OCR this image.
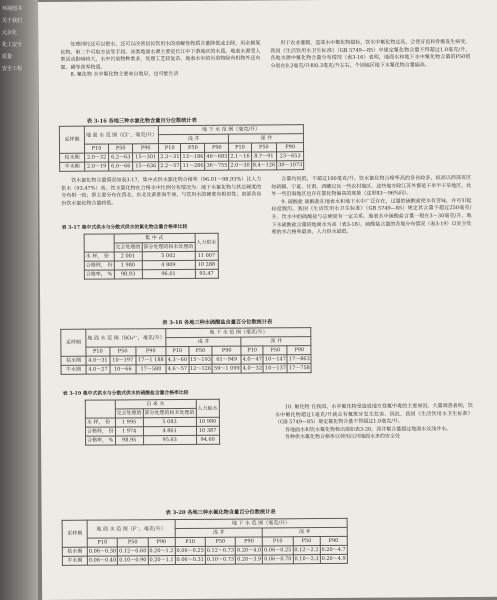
环境图书
关于我们
元杂化
化工安全
质量
安全工程

处理同时还可以把水、还可以改善居民饮用水的溶解性物质含量降低或去除，用金属氧化物、第二个可取方法等手段。该类地面水源主要是长江中下游地区的水质。地表水源受人类活动影响较大，水中污染物种类多，处理工艺较复杂。地表水中的污染物除有机物外还有氮、磷等营养物质。

8. 氟化物 水中氟化物主要来自地层，也可能生活

用于农业灌溉，造成水中氟化物超标，饮水中氟化物过高，会使牙齿和骨骼发生病变，我国《生活饮用水卫生标准》（GB 5749—85）中规定氟化物含量不得超过1.0毫克/升。各地水源中氟化物含量分布情况（表3-16）表明，地面水和地下水中氟化物含量的P50值分别在0.2毫克/升和0.3毫克/升左右，个别地区地下水氟化物含量偏高。

表 3-16 各地三种水氯化物含量百分位数统计表
采样期	地 面 水 范 围（Cl⁻，毫克/升）			地 下 水 范 围（毫克/升）					
				浅 井			深 井		
	P10	P50	P90	P10	P50	P90	P10	P50	P90
枯水期	2.0～32	6.2～63	15～301	2.3～31	13～186	46～683	2.1～16	8.7～91	23～653
丰水期	2.0～19	6.0～66	15～636	2.2～57	11～286	36～755	2.0～30	8.4～126	30～1073

饮水氯化物含量情况如表3-17，集中式供水氯化物合格率（96.01～98.93%）比人力供水（93.47%）高。饮水氯化物在合格水中比例分布情况为：地下水氯化物与其总硬度的分布相一致；即主要分布在西北、东北及黄淮海平原，与饮用水的硬度有相似性；南部各省份饮水氯化物含量较低。

表 3-17 集中式供水与分散式供水的氯化物含量合格率比较
	集 中 式		人力供水
	完全处理的	部分处理的和未处理的	
水 样， 份	2 001	5 002	11 007
合格样， 份	1 980	4 809	10 288
合格率， %	98.93	96.01	93.47

含量均很低，不超过100毫克/升。饮水氯化物合格率高的各省较多，较高以西部省区如新疆、宁夏、甘肃、西藏以及一些农村地区。这些地方除江苏外都是干旱半干旱地区，此外一些沿海地区也存在氯化物偏高的现象（这里83～96%间）。

9. 硫酸盐 硫酸盐在地表水和地下水中广泛存在，过量的硫酸盐使水有苦味，并可引起轻度腹泻。我国《生活饮用水卫生标准》（GB 5749—85）规定其含量不超过250毫克/升。饮水中的硫酸盐与总硬度有一定关系。地表水中硫酸盐含量一般在3～30毫克/升，地下水硫酸盐含量较地面水为高（表3-18）。硫酸盐含量的各地分布情况（表3-19）以安全处理的水合格率最高，人力供水最低。

表 3-18 各地三种水硫酸盐含量百分位数统计表
采样期	地 面 水 范 围（SO₄²⁻，毫克/升）			地 下 水 范 围（毫克/升）					
				浅 井			深 井		
	P10	P50	P90	P10	P50	P90	P10	P50	P90
枯水期	4.0～31	10～197	17～1 188	4.3～60	15～193	61～949	4.0～47	10～147	17～863
丰水期	4.0～27	10～66	17～580	4.6～57	12～126	59～1 099	4.0～32	10～137	17～758
表 3-19 集中式供水与分散式供水的硫酸盐含量合格率比较
	自 来 水		人力取水
	完全处理的	部分处理的和未处理的	
水 样， 份	1 995	5 083	10 980
合格样， 份	1 974	4 861	10 387
合格率， %	98.95	95.63	94.60

10. 氟化物 在我国，水中氟化物是造成地方性氟中毒的主要原因。大量调查表明，饮水中氟化物超过1毫克/升就会有氟斑牙发生危害。因此，我国《生活饮用水卫生标准》（GB 5749—85）规定氟化物含量不得超过1.0毫克/升。

各地面水和饮水氟化物检出值如表3-20，深井氟含量超过地面水及浅井水。

各种供水氟化物合格率以使用江河地面水多的安全处

表 3-20 各地三种水氟化物含量百分位数统计表
采样期	地 面 水 范 围（F⁻，毫克/升）			地 下 水 范 围（毫克/升）					
				浅 井			深 井		
	P10	P50	P90	P10	P50	P90	P10	P50	P90
枯水期	0.06～0.30	0.12～0.60	0.20～1.2	0.06～0.25	0.12～0.73	0.20～4.0	0.06～0.25	0.12～2.2	0.20～4.7
丰水期	0.06～0.40	0.10～0.90	0.20～1.1	0.06～0.31	0.10～0.73	0.20～3.9	0.06～0.70	0.10～2.3	0.20～4.9
